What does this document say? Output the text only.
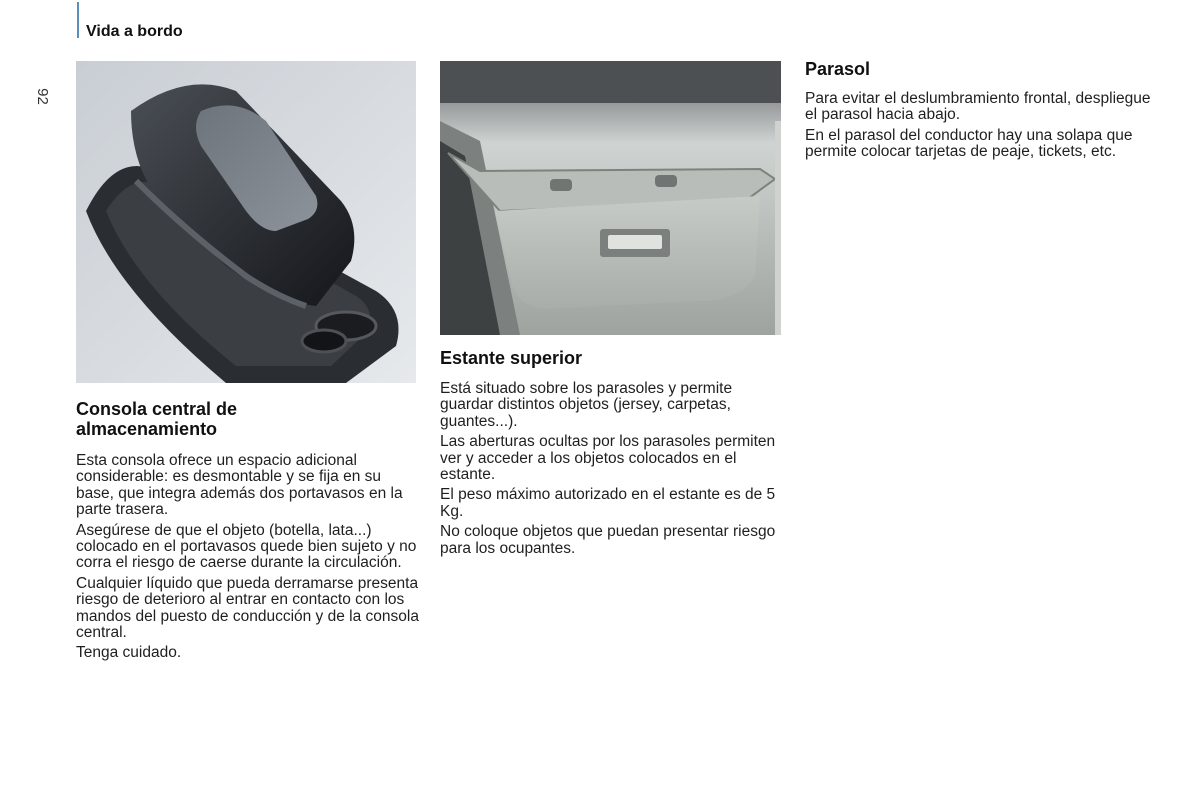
Vida a bordo
92
Consola central de
almacenamiento

Esta consola ofrece un espacio adicional considerable: es desmontable y se fija en su base, que integra además dos portavasos en la parte trasera.

Asegúrese de que el objeto (botella, lata...) colocado en el portavasos quede bien sujeto y no corra el riesgo de caerse durante la circulación.

Cualquier líquido que pueda derramarse presenta riesgo de deterioro al entrar en contacto con los mandos del puesto de conducción y de la consola central.

Tenga cuidado.

Estante superior

Está situado sobre los parasoles y permite guardar distintos objetos (jersey, carpetas, guantes...).

Las aberturas ocultas por los parasoles permiten ver y acceder a los objetos colocados en el estante.

El peso máximo autorizado en el estante es de 5 Kg.

No coloque objetos que puedan presentar riesgo para los ocupantes.

Parasol

Para evitar el deslumbramiento frontal, despliegue el parasol hacia abajo.

En el parasol del conductor hay una solapa que permite colocar tarjetas de peaje, tickets, etc.
